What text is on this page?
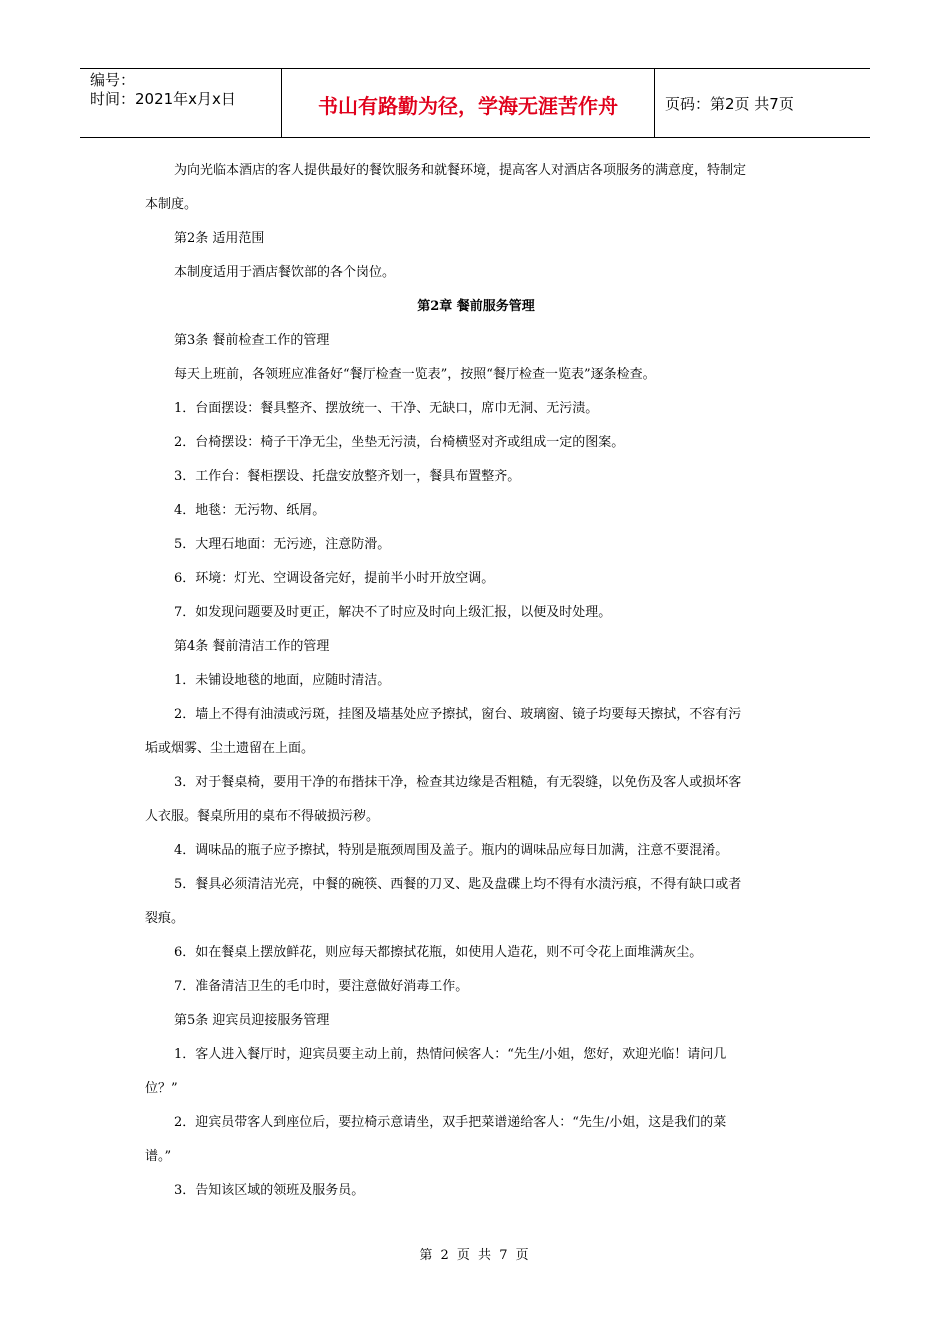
编号：
时间：2021年x月x日	书山有路勤为径，学海无涯苦作舟	页码：第2页 共7页

为向光临本酒店的客人提供最好的餐饮服务和就餐环境，提高客人对酒店各项服务的满意度，特制定

本制度。

第2条 适用范围

本制度适用于酒店餐饮部的各个岗位。

第2章 餐前服务管理

第3条 餐前检查工作的管理

每天上班前，各领班应准备好“餐厅检查一览表”，按照“餐厅检查一览表”逐条检查。

1．台面摆设：餐具整齐、摆放统一、干净、无缺口，席巾无洞、无污渍。

2．台椅摆设：椅子干净无尘，坐垫无污渍，台椅横竖对齐或组成一定的图案。

3．工作台：餐柜摆设、托盘安放整齐划一，餐具布置整齐。

4．地毯：无污物、纸屑。

5．大理石地面：无污迹，注意防滑。

6．环境：灯光、空调设备完好，提前半小时开放空调。

7．如发现问题要及时更正，解决不了时应及时向上级汇报，以便及时处理。

第4条 餐前清洁工作的管理

1．未铺设地毯的地面，应随时清洁。

2．墙上不得有油渍或污斑，挂图及墙基处应予擦拭，窗台、玻璃窗、镜子均要每天擦拭，不容有污

垢或烟雾、尘土遗留在上面。

3．对于餐桌椅，要用干净的布揩抹干净，检查其边缘是否粗糙，有无裂缝，以免伤及客人或损坏客

人衣服。餐桌所用的桌布不得破损污秽。

4．调味品的瓶子应予擦拭，特别是瓶颈周围及盖子。瓶内的调味品应每日加满，注意不要混淆。

5．餐具必须清洁光亮，中餐的碗筷、西餐的刀叉、匙及盘碟上均不得有水渍污痕，不得有缺口或者

裂痕。

6．如在餐桌上摆放鲜花，则应每天都擦拭花瓶，如使用人造花，则不可令花上面堆满灰尘。

7．准备清洁卫生的毛巾时，要注意做好消毒工作。

第5条 迎宾员迎接服务管理

1．客人进入餐厅时，迎宾员要主动上前，热情问候客人：“先生/小姐，您好，欢迎光临！请问几

位？”

2．迎宾员带客人到座位后，要拉椅示意请坐，双手把菜谱递给客人：“先生/小姐，这是我们的菜

谱。”

3．告知该区域的领班及服务员。

第 2 页 共 7 页
